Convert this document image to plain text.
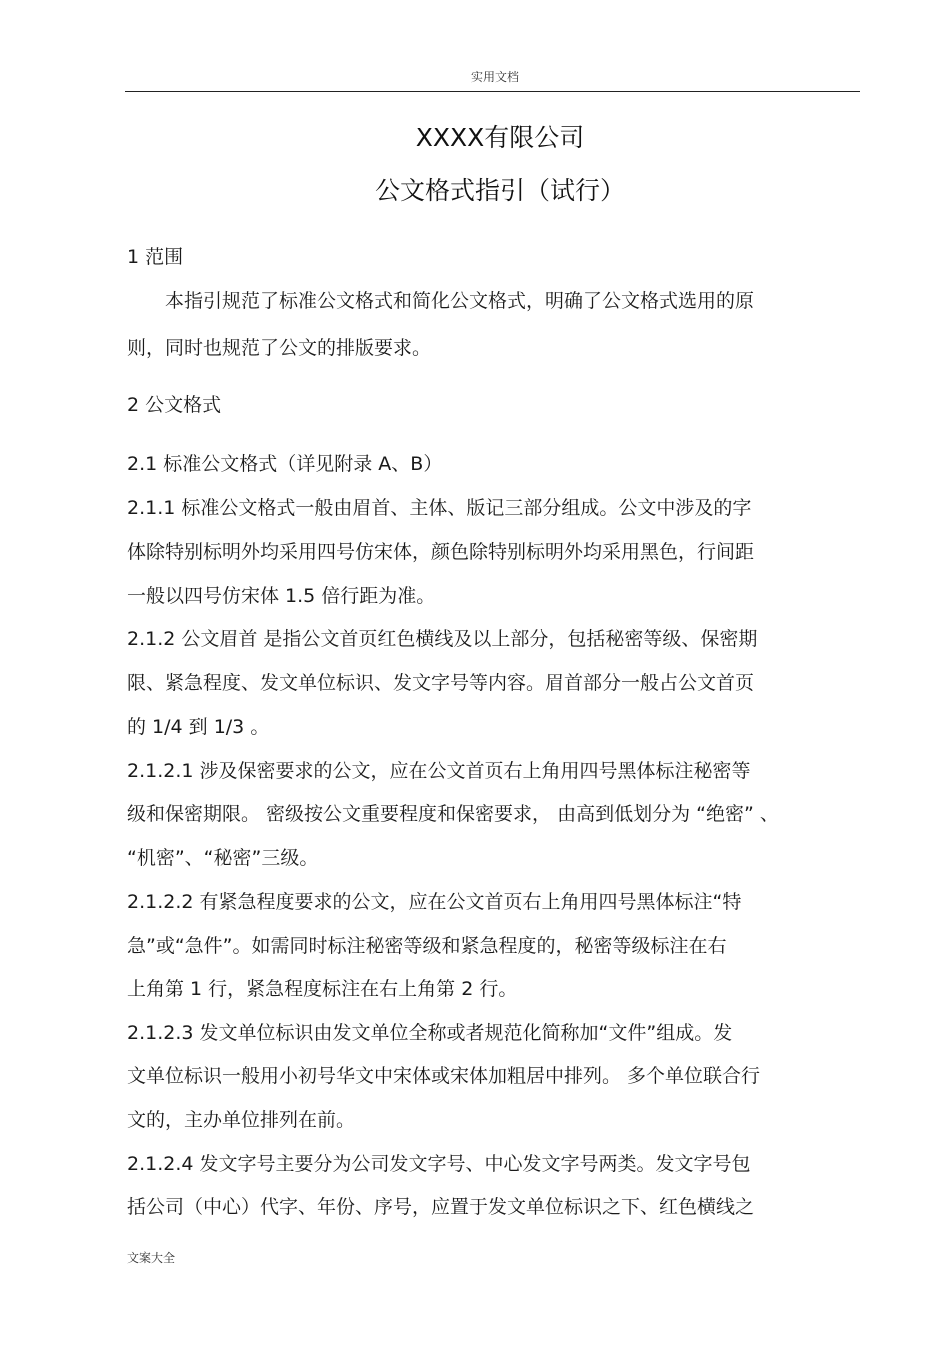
实用文档
XXXX有限公司
公文格式指引（试行）
1 范围
本指引规范了标准公文格式和简化公文格式，明确了公文格式选用的原
则，同时也规范了公文的排版要求。
2 公文格式
2.1 标准公文格式（详见附录 A、B）
2.1.1 标准公文格式一般由眉首、主体、版记三部分组成。公文中涉及的字
体除特别标明外均采用四号仿宋体，颜色除特别标明外均采用黑色，行间距
一般以四号仿宋体 1.5 倍行距为准。
2.1.2 公文眉首 是指公文首页红色横线及以上部分，包括秘密等级、保密期
限、紧急程度、发文单位标识、发文字号等内容。眉首部分一般占公文首页
的 1/4 到 1/3 。
2.1.2.1 涉及保密要求的公文，应在公文首页右上角用四号黑体标注秘密等
级和保密期限。 密级按公文重要程度和保密要求， 由高到低划分为 “绝密” 、
“机密”、“秘密”三级。
2.1.2.2 有紧急程度要求的公文，应在公文首页右上角用四号黑体标注“特
急”或“急件”。如需同时标注秘密等级和紧急程度的，秘密等级标注在右
上角第 1 行，紧急程度标注在右上角第 2 行。
2.1.2.3 发文单位标识由发文单位全称或者规范化简称加“文件”组成。发
文单位标识一般用小初号华文中宋体或宋体加粗居中排列。 多个单位联合行
文的，主办单位排列在前。
2.1.2.4 发文字号主要分为公司发文字号、中心发文字号两类。发文字号包
括公司（中心）代字、年份、序号，应置于发文单位标识之下、红色横线之
文案大全
